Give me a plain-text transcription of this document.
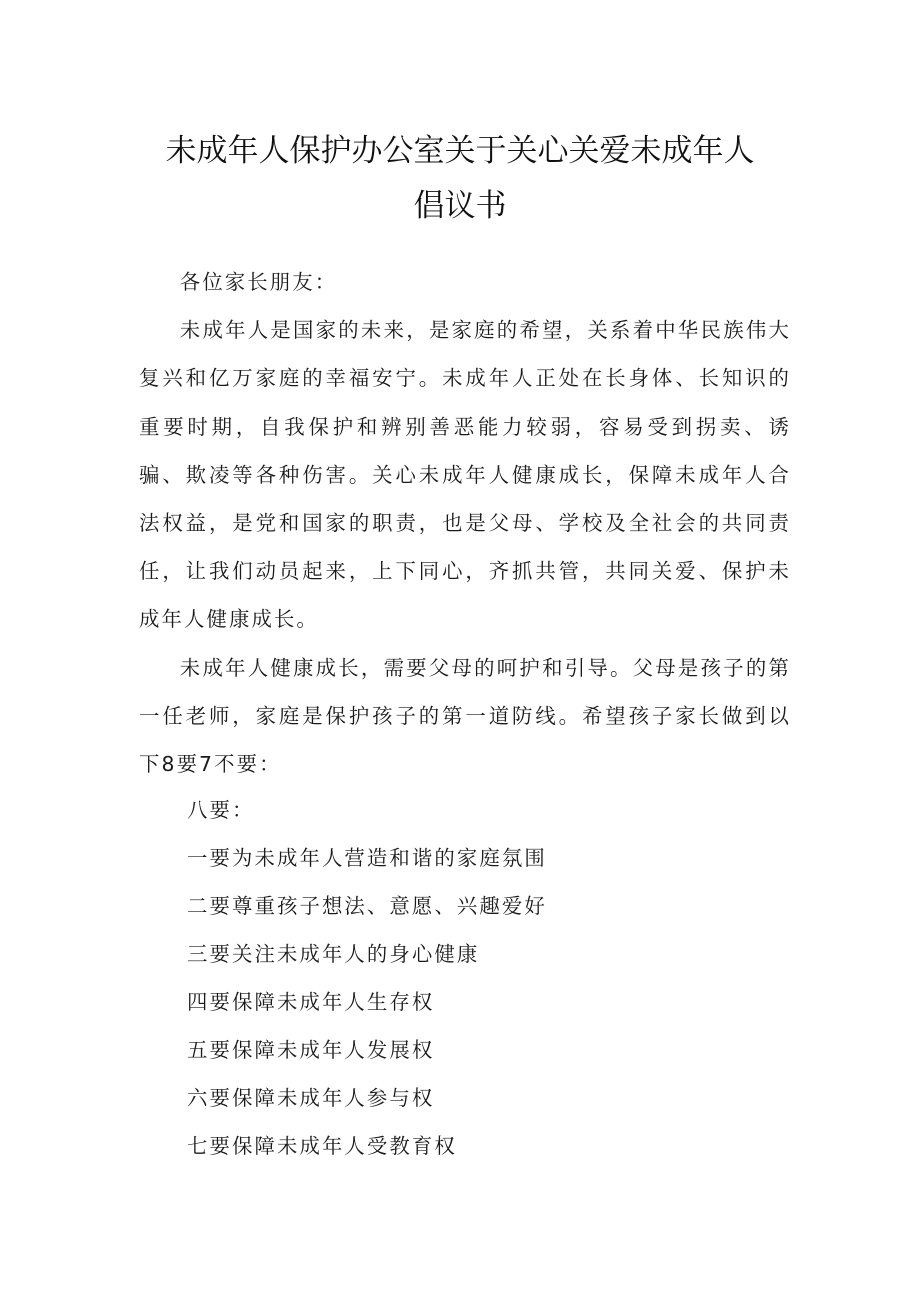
未成年人保护办公室关于关心关爱未成年人
倡议书

各位家长朋友：

未成年人是国家的未来，是家庭的希望，关系着中华民族伟大复兴和亿万家庭的幸福安宁。未成年人正处在长身体、长知识的重要时期，自我保护和辨别善恶能力较弱，容易受到拐卖、诱骗、欺凌等各种伤害。关心未成年人健康成长，保障未成年人合法权益，是党和国家的职责，也是父母、学校及全社会的共同责任，让我们动员起来，上下同心，齐抓共管，共同关爱、保护未成年人健康成长。

未成年人健康成长，需要父母的呵护和引导。父母是孩子的第一任老师，家庭是保护孩子的第一道防线。希望孩子家长做到以下8要7不要：

八要：
一要为未成年人营造和谐的家庭氛围
二要尊重孩子想法、意愿、兴趣爱好
三要关注未成年人的身心健康
四要保障未成年人生存权
五要保障未成年人发展权
六要保障未成年人参与权
七要保障未成年人受教育权
